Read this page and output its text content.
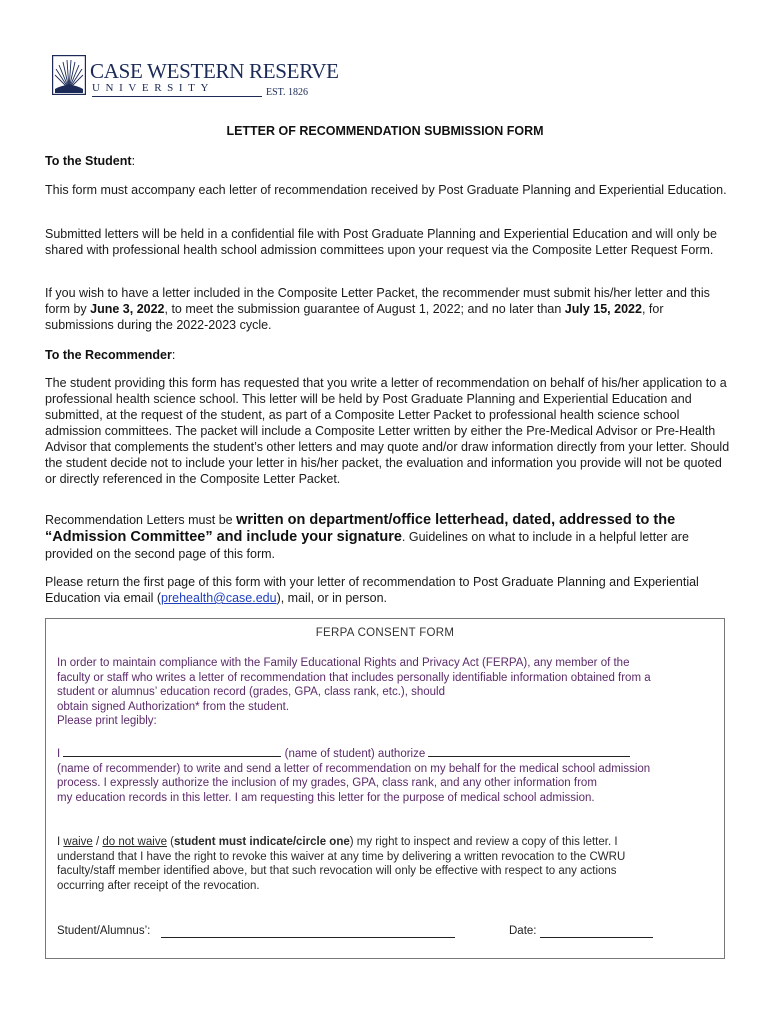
CASE WESTERN RESERVE
UNIVERSITY	EST. 1826
LETTER OF RECOMMENDATION SUBMISSION FORM
To the Student:
This form must accompany each letter of recommendation received by Post Graduate Planning and Experiential Education.
Submitted letters will be held in a confidential file with Post Graduate Planning and Experiential Education and will only be shared with professional health school admission committees upon your request via the Composite Letter Request Form.
If you wish to have a letter included in the Composite Letter Packet, the recommender must submit his/her letter and this form by June 3, 2022, to meet the submission guarantee of August 1, 2022; and no later than July 15, 2022, for submissions during the 2022-2023 cycle.
To the Recommender:
The student providing this form has requested that you write a letter of recommendation on behalf of his/her application to a professional health science school. This letter will be held by Post Graduate Planning and Experiential Education and submitted, at the request of the student, as part of a Composite Letter Packet to professional health science school admission committees. The packet will include a Composite Letter written by either the Pre-Medical Advisor or Pre-Health Advisor that complements the student’s other letters and may quote and/or draw information directly from your letter. Should the student decide not to include your letter in his/her packet, the evaluation and information you provide will not be quoted or directly referenced in the Composite Letter Packet.
Recommendation Letters must be written on department/office letterhead, dated, addressed to the “Admission Committee” and include your signature. Guidelines on what to include in a helpful letter are provided on the second page of this form.
Please return the first page of this form with your letter of recommendation to Post Graduate Planning and Experiential Education via email (prehealth@case.edu), mail, or in person.
FERPA CONSENT FORM
In order to maintain compliance with the Family Educational Rights and Privacy Act (FERPA), any member of the
faculty or staff who writes a letter of recommendation that includes personally identifiable information obtained from a
student or alumnus’ education record (grades, GPA, class rank, etc.), should
obtain signed Authorization* from the student.
Please print legibly:
I	(name of student) authorize
(name of recommender) to write and send a letter of recommendation on my behalf for the medical school admission
process. I expressly authorize the inclusion of my grades, GPA, class rank, and any other information from
my education records in this letter. I am requesting this letter for the purpose of medical school admission.
I waive / do not waive (student must indicate/circle one) my right to inspect and review a copy of this letter. I
understand that I have the right to revoke this waiver at any time by delivering a written revocation to the CWRU
faculty/staff member identified above, but that such revocation will only be effective with respect to any actions
occurring after receipt of the revocation.
Student/Alumnus’:	Date:
